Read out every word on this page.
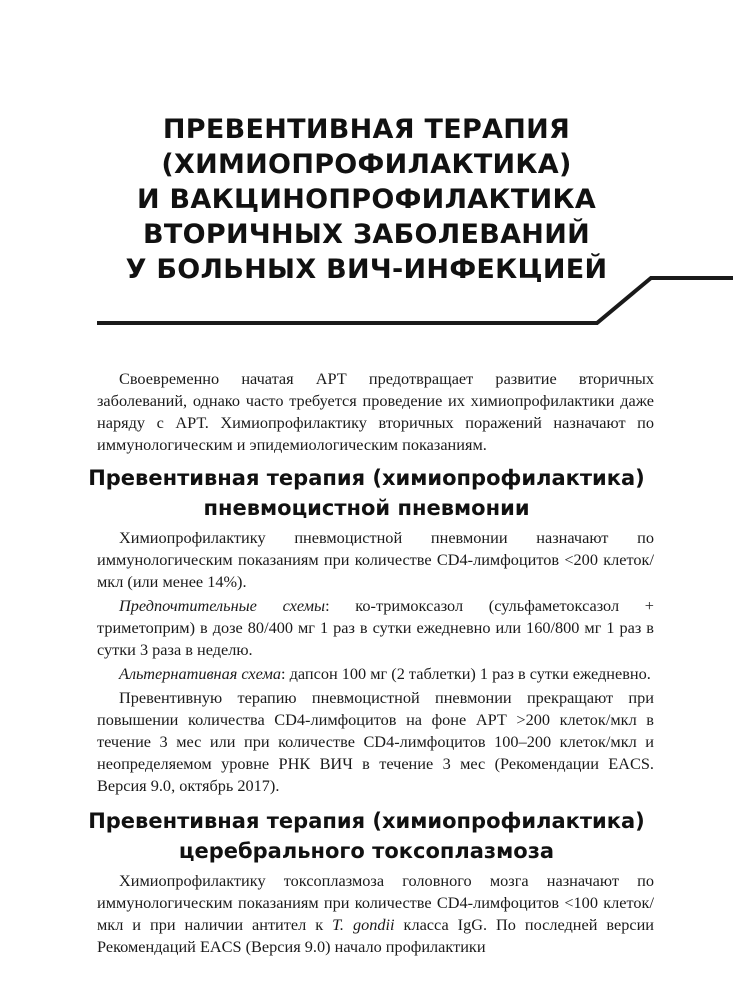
ПРЕВЕНТИВНАЯ ТЕРАПИЯ
(ХИМИОПРОФИЛАКТИКА)
И ВАКЦИНОПРОФИЛАКТИКА
ВТОРИЧНЫХ ЗАБОЛЕВАНИЙ
У БОЛЬНЫХ ВИЧ-ИНФЕКЦИЕЙ

Своевременно начатая АРТ предотвращает развитие вторичных заболеваний, однако часто требуется проведение их химиопрофилактики даже наряду с АРТ. Химиопрофилактику вторичных поражений назначают по иммунологическим и эпидемиологическим показаниям.

Превентивная терапия (химиопрофилактика)
пневмоцистной пневмонии

Химиопрофилактику пневмоцистной пневмонии назначают по иммунологическим показаниям при количестве CD4-лимфоцитов <200 клеток/мкл (или менее 14%).

Предпочтительные схемы: ко-тримоксазол (сульфаметоксазол + триметоприм) в дозе 80/400 мг 1 раз в сутки ежедневно или 160/800 мг 1 раз в сутки 3 раза в неделю.

Альтернативная схема: дапсон 100 мг (2 таблетки) 1 раз в сутки ежедневно.

Превентивную терапию пневмоцистной пневмонии прекращают при повышении количества CD4-лимфоцитов на фоне АРТ >200 клеток/мкл в течение 3 мес или при количестве CD4-лимфоцитов 100–200 клеток/мкл и неопределяемом уровне РНК ВИЧ в течение 3 мес (Рекомендации EACS. Версия 9.0, октябрь 2017).

Превентивная терапия (химиопрофилактика)
церебрального токсоплазмоза

Химиопрофилактику токсоплазмоза головного мозга назначают по иммунологическим показаниям при количестве CD4-лимфоцитов <100 клеток/мкл и при наличии антител к T. gondii класса IgG. По последней версии Рекомендаций EACS (Версия 9.0) начало профилактики
